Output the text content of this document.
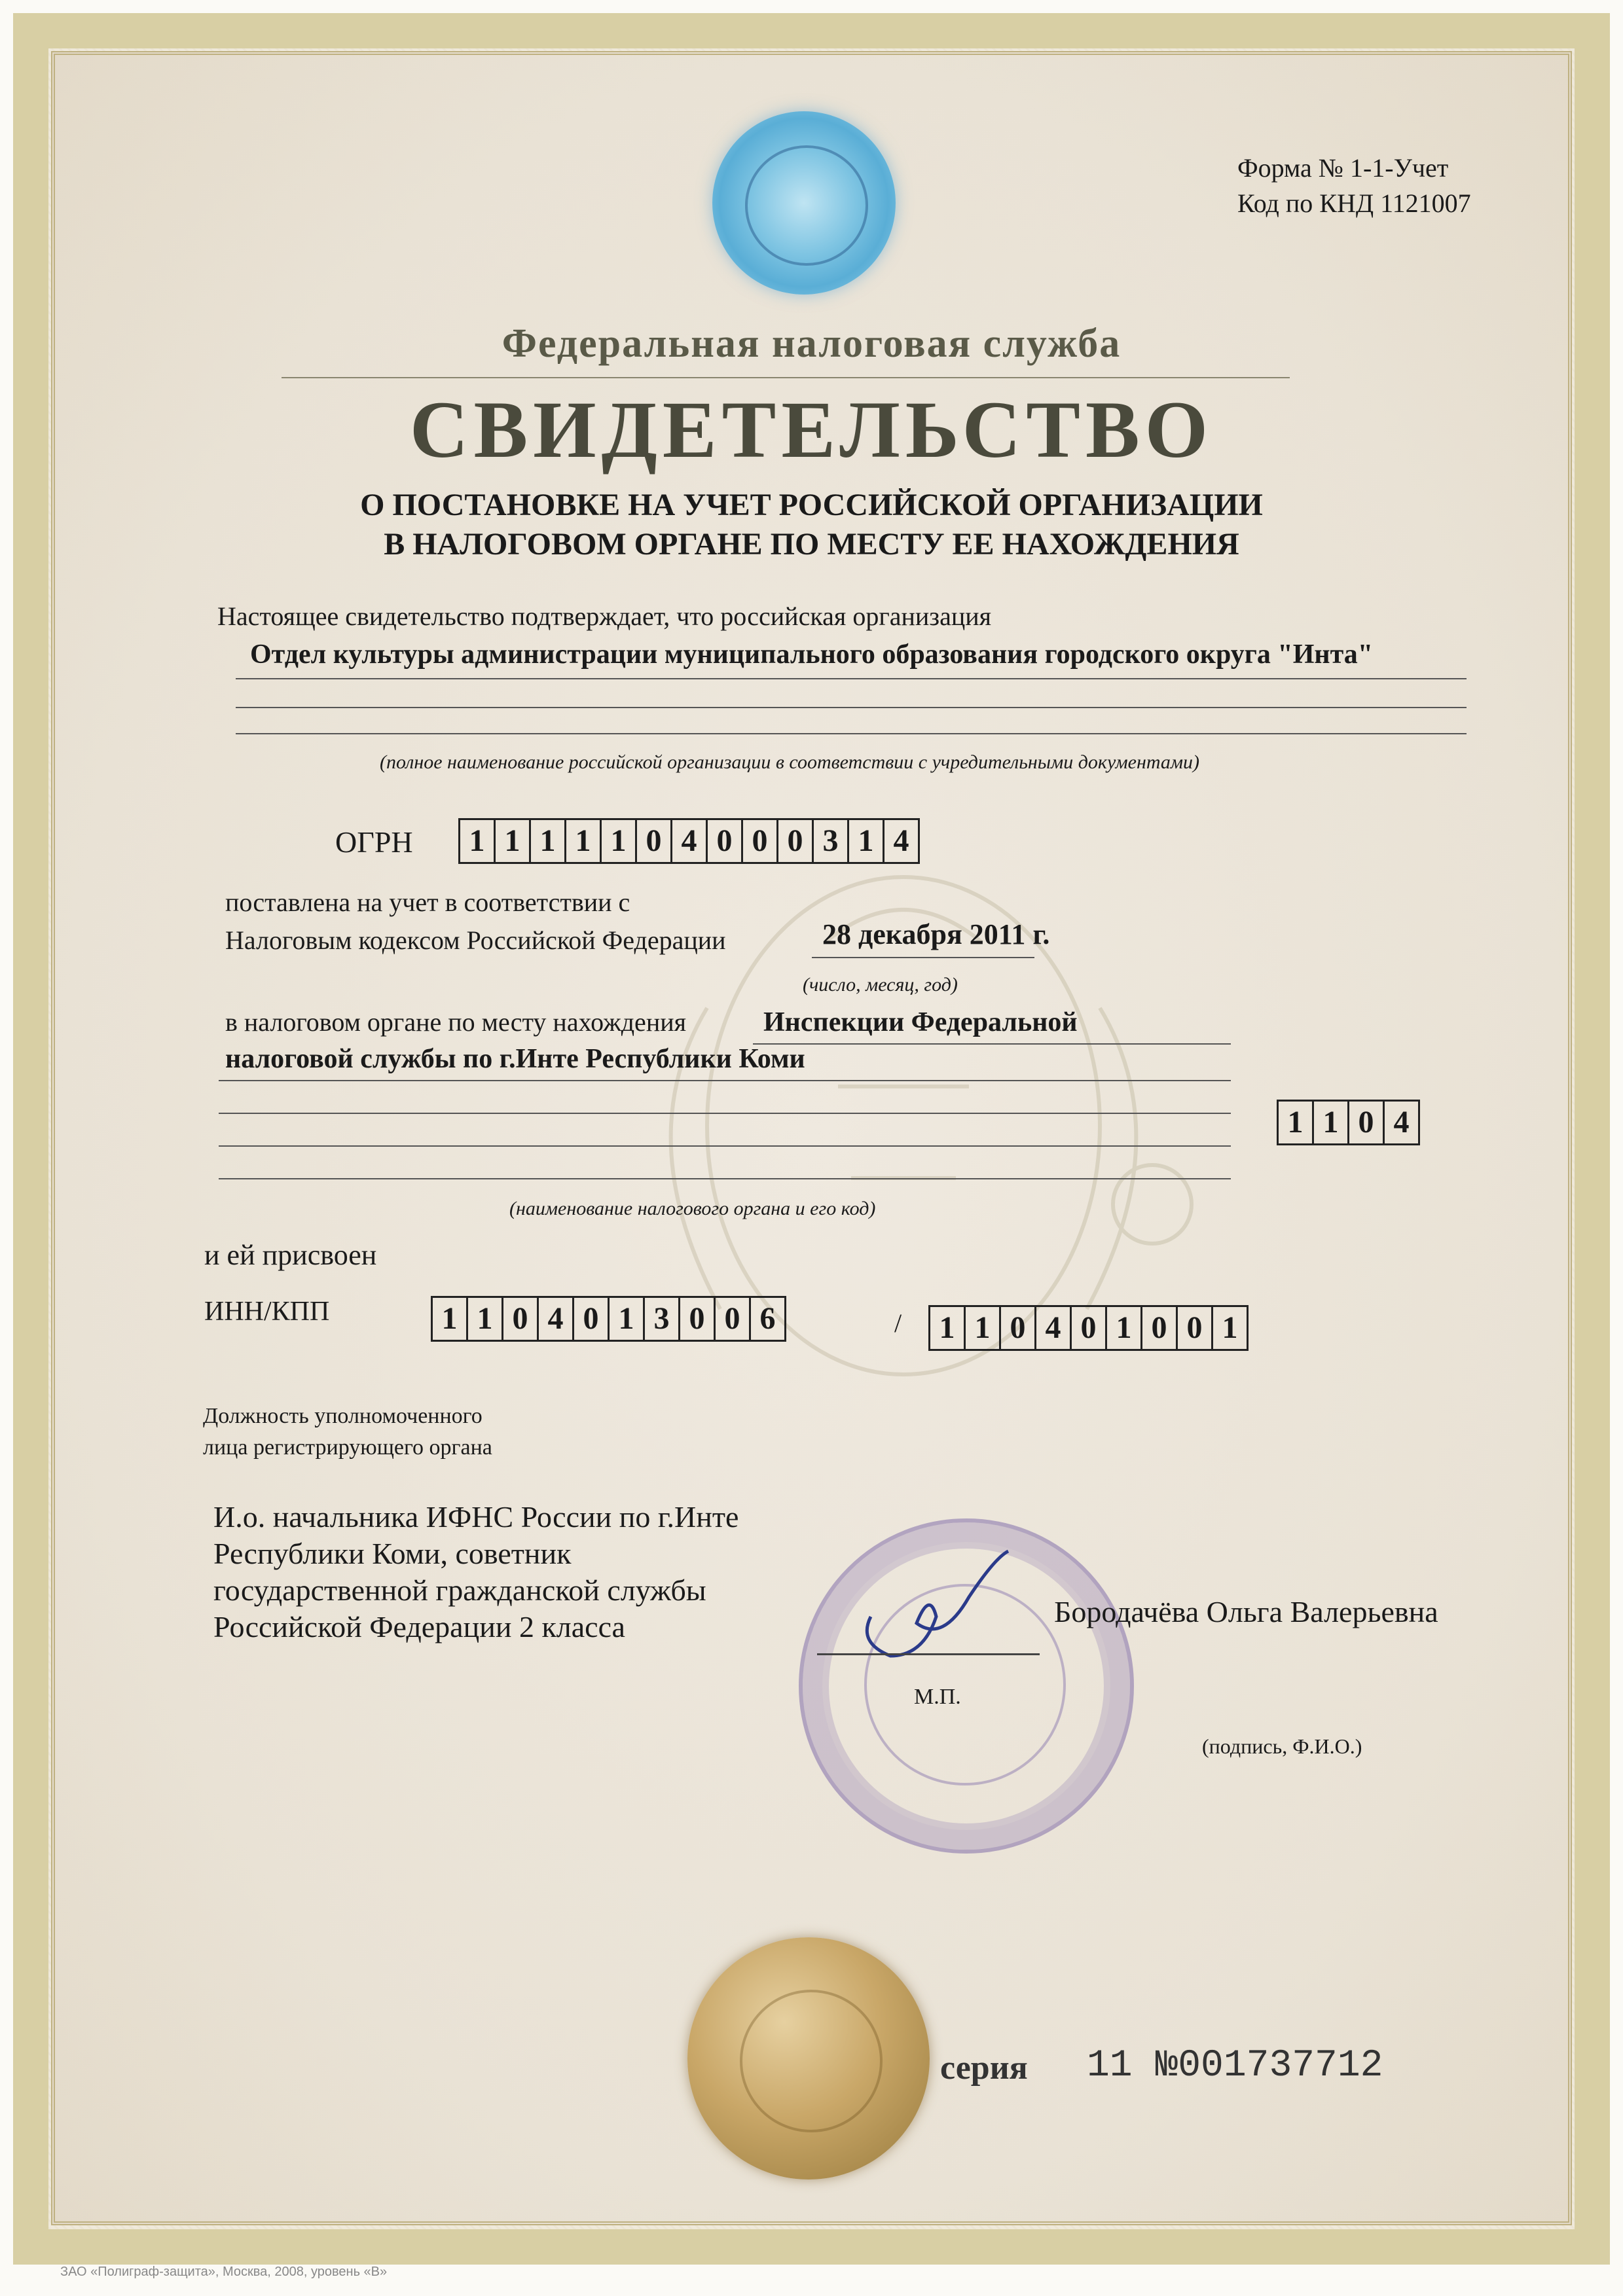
Форма № 1-1-Учет
Код по КНД 1121007
Федеральная налоговая служба
СВИДЕТЕЛЬСТВО
О ПОСТАНОВКЕ НА УЧЕТ РОССИЙСКОЙ ОРГАНИЗАЦИИ
В НАЛОГОВОМ ОРГАНЕ ПО МЕСТУ ЕЕ НАХОЖДЕНИЯ
Настоящее свидетельство подтверждает, что российская организация
Отдел культуры администрации муниципального образования городского округа "Инта"
(полное наименование российской организации в соответствии с учредительными документами)
ОГРН 1 1 1 1 1 0 4 0 0 0 3 1 4
поставлена на учет в соответствии с
Налоговым кодексом Российской Федерации	28 декабря 2011 г.
(число, месяц, год)
в налоговом органе по месту нахождения	Инспекции Федеральной
налоговой службы по г.Инте Республики Коми
1 1 0 4
(наименование налогового органа и его код)
и ей присвоен
ИНН/КПП	1 1 0 4 0 1 3 0 0 6	/ 1 1 0 4 0 1 0 0 1
Должность уполномоченного
лица регистрирующего органа
И.о. начальника ИФНС России по г.Инте
Республики Коми, советник
государственной гражданской службы
Российской Федерации 2 класса
М.П.
Бородачёва Ольга Валерьевна
(подпись, Ф.И.О.)
серия 11 №001737712
ЗАО «Полиграф-защита», Москва, 2008, уровень «В»
